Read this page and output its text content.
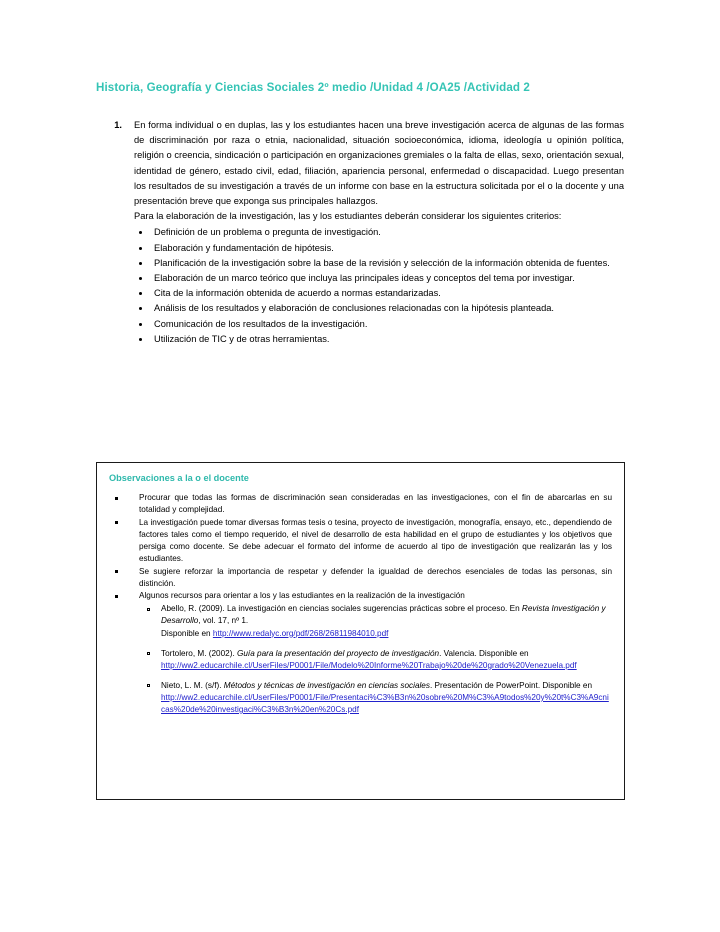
Historia, Geografía y Ciencias Sociales 2º medio /Unidad 4 /OA25 /Actividad 2
1.	En forma individual o en duplas, las y los estudiantes hacen una breve investigación acerca de algunas de las formas de discriminación por raza o etnia, nacionalidad, situación socioeconómica, idioma, ideología u opinión política, religión o creencia, sindicación o participación en organizaciones gremiales o la falta de ellas, sexo, orientación sexual, identidad de género, estado civil, edad, filiación, apariencia personal, enfermedad o discapacidad. Luego presentan los resultados de su investigación a través de un informe con base en la estructura solicitada por el o la docente y una presentación breve que exponga sus principales hallazgos.

Para la elaboración de la investigación, las y los estudiantes deberán considerar los siguientes criterios:

Definición de un problema o pregunta de investigación.
Elaboración y fundamentación de hipótesis.
Planificación de la investigación sobre la base de la revisión y selección de la información obtenida de fuentes.
Elaboración de un marco teórico que incluya las principales ideas y conceptos del tema por investigar.
Cita de la información obtenida de acuerdo a normas estandarizadas.
Análisis de los resultados y elaboración de conclusiones relacionadas con la hipótesis planteada.
Comunicación de los resultados de la investigación.
Utilización de TIC y de otras herramientas.
Observaciones a la o el docente
Procurar que todas las formas de discriminación sean consideradas en las investigaciones, con el fin de abarcarlas en su totalidad y complejidad.
La investigación puede tomar diversas formas tesis o tesina, proyecto de investigación, monografía, ensayo, etc., dependiendo de factores tales como el tiempo requerido, el nivel de desarrollo de esta habilidad en el grupo de estudiantes y los objetivos que persiga como docente. Se debe adecuar el formato del informe de acuerdo al tipo de investigación que realizarán las y los estudiantes.
Se sugiere reforzar la importancia de respetar y defender la igualdad de derechos esenciales de todas las personas, sin distinción.
Algunos recursos para orientar a los y las estudiantes en la realización de la investigación
Abello, R. (2009). La investigación en ciencias sociales sugerencias prácticas sobre el proceso. En Revista Investigación y Desarrollo, vol. 17, nº 1.
Disponible en http://www.redalyc.org/pdf/268/26811984010.pdf
Tortolero, M. (2002). Guía para la presentación del proyecto de investigación. Valencia. Disponible en
http://ww2.educarchile.cl/UserFiles/P0001/File/Modelo%20Informe%20Trabajo%20de%20grado%20Venezuela.pdf
Nieto, L. M. (s/f). Métodos y técnicas de investigación en ciencias sociales. Presentación de PowerPoint. Disponible en
http://ww2.educarchile.cl/UserFiles/P0001/File/Presentaci%C3%B3n%20sobre%20M%C3%A9todos%20y%20t%C3%A9cnicas%20de%20investigaci%C3%B3n%20en%20Cs.pdf
